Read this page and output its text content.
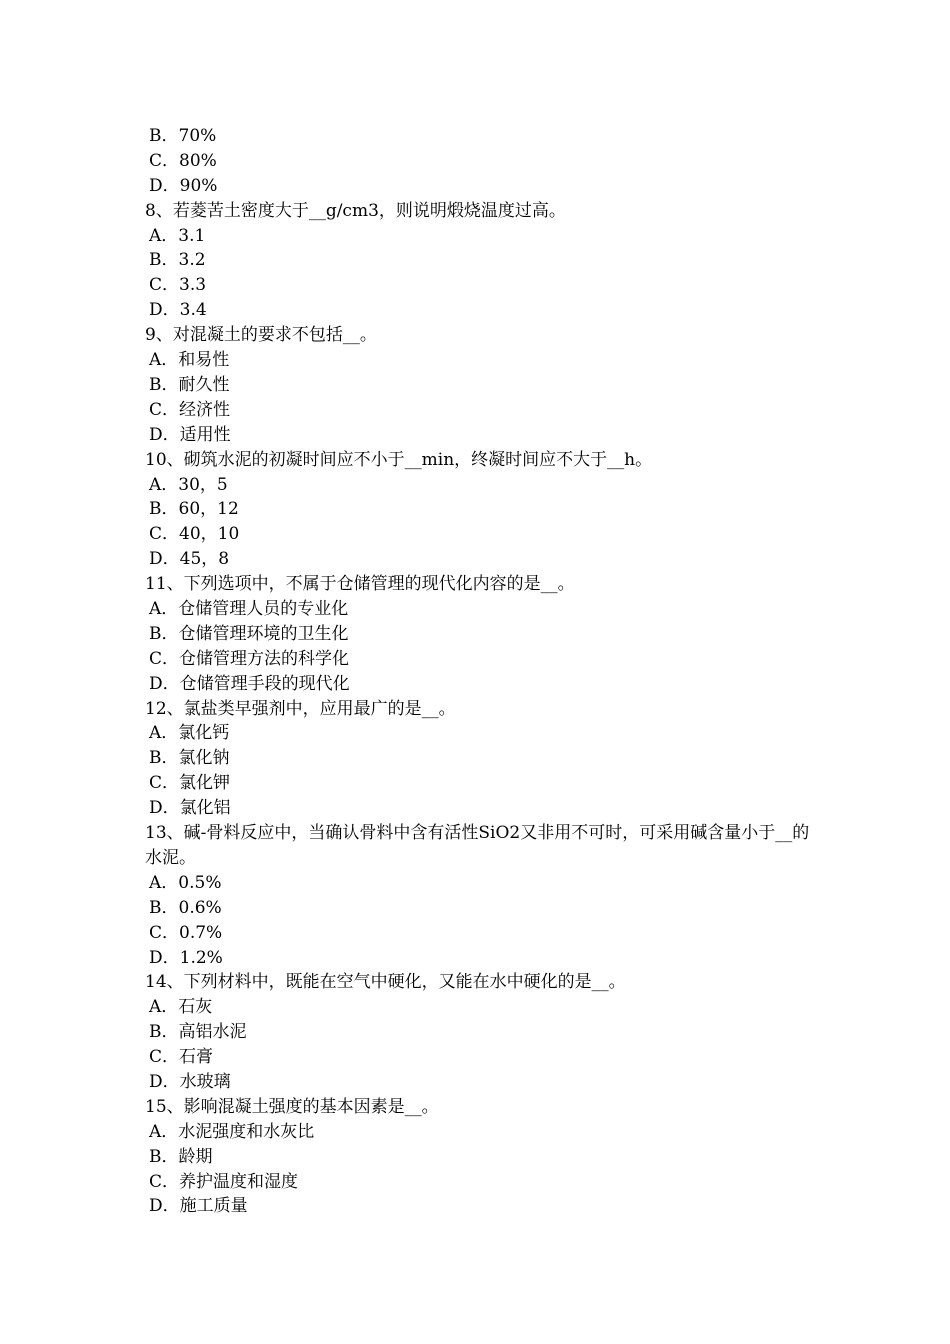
B．70%
C．80%
D．90%
8、若菱苦土密度大于__g/cm3，则说明煅烧温度过高。
A．3.1
B．3.2
C．3.3
D．3.4
9、对混凝土的要求不包括__。
A．和易性
B．耐久性
C．经济性
D．适用性
10、砌筑水泥的初凝时间应不小于__min，终凝时间应不大于__h。
A．30，5
B．60，12
C．40，10
D．45，8
11、下列选项中，不属于仓储管理的现代化内容的是__。
A．仓储管理人员的专业化
B．仓储管理环境的卫生化
C．仓储管理方法的科学化
D．仓储管理手段的现代化
12、氯盐类早强剂中，应用最广的是__。
A．氯化钙
B．氯化钠
C．氯化钾
D．氯化铝
13、碱-骨料反应中，当确认骨料中含有活性SiO2又非用不可时，可采用碱含量小于__的水泥。
A．0.5%
B．0.6%
C．0.7%
D．1.2%
14、下列材料中，既能在空气中硬化，又能在水中硬化的是__。
A．石灰
B．高铝水泥
C．石膏
D．水玻璃
15、影响混凝土强度的基本因素是__。
A．水泥强度和水灰比
B．龄期
C．养护温度和湿度
D．施工质量
